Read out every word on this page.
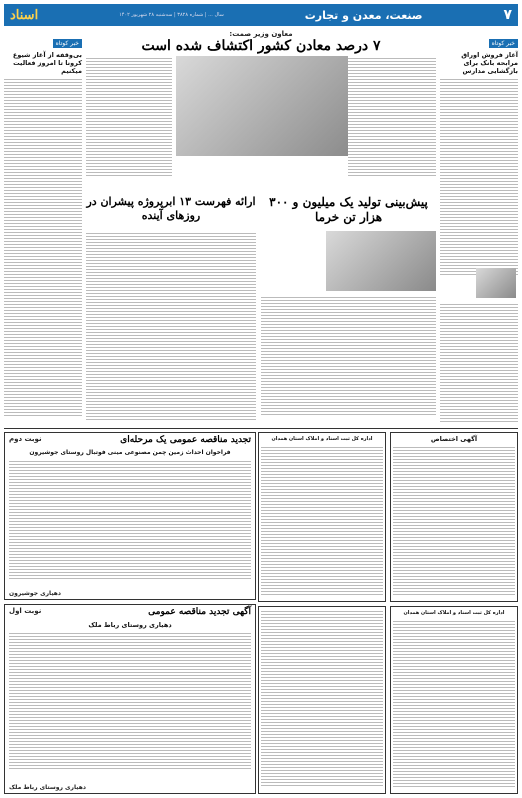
۷
صنعت، معدن و تجارت
سال ... | شماره ۳۸۲۸ | سه‌شنبه ۲۸ شهریور ۱۴۰۲
اسناد
خبر کوتاه
آغاز فروش اوراق مرابحه بانک برای بازگشایی مدارس
خبر کوتاه
بی‌وقفه از آغاز شیوع کرونا تا امروز فعالیت میکنیم
معاون وزیر صمت:
۷ درصد معادن کشور اکتشاف شده است
پیش‌بینی تولید یک میلیون و ۳۰۰ هزار تن خرما
ارائه فهرست ۱۳ ابرپروژه پیشران در روزهای آینده
تجدید مناقصه عمومی یک مرحله‌ای
نوبت دوم
فراخوان احداث زمین چمن مصنوعی مینی فوتبال روستای جوشیرون
دهیاری جوشیرون
آگهی تجدید مناقصه عمومی
نوبت اول
دهیاری روستای رباط ملک
دهیاری روستای رباط ملک
آگهی اختصاص
اداره کل ثبت اسناد و املاک استان همدان
اداره کل ثبت اسناد و املاک استان همدان
